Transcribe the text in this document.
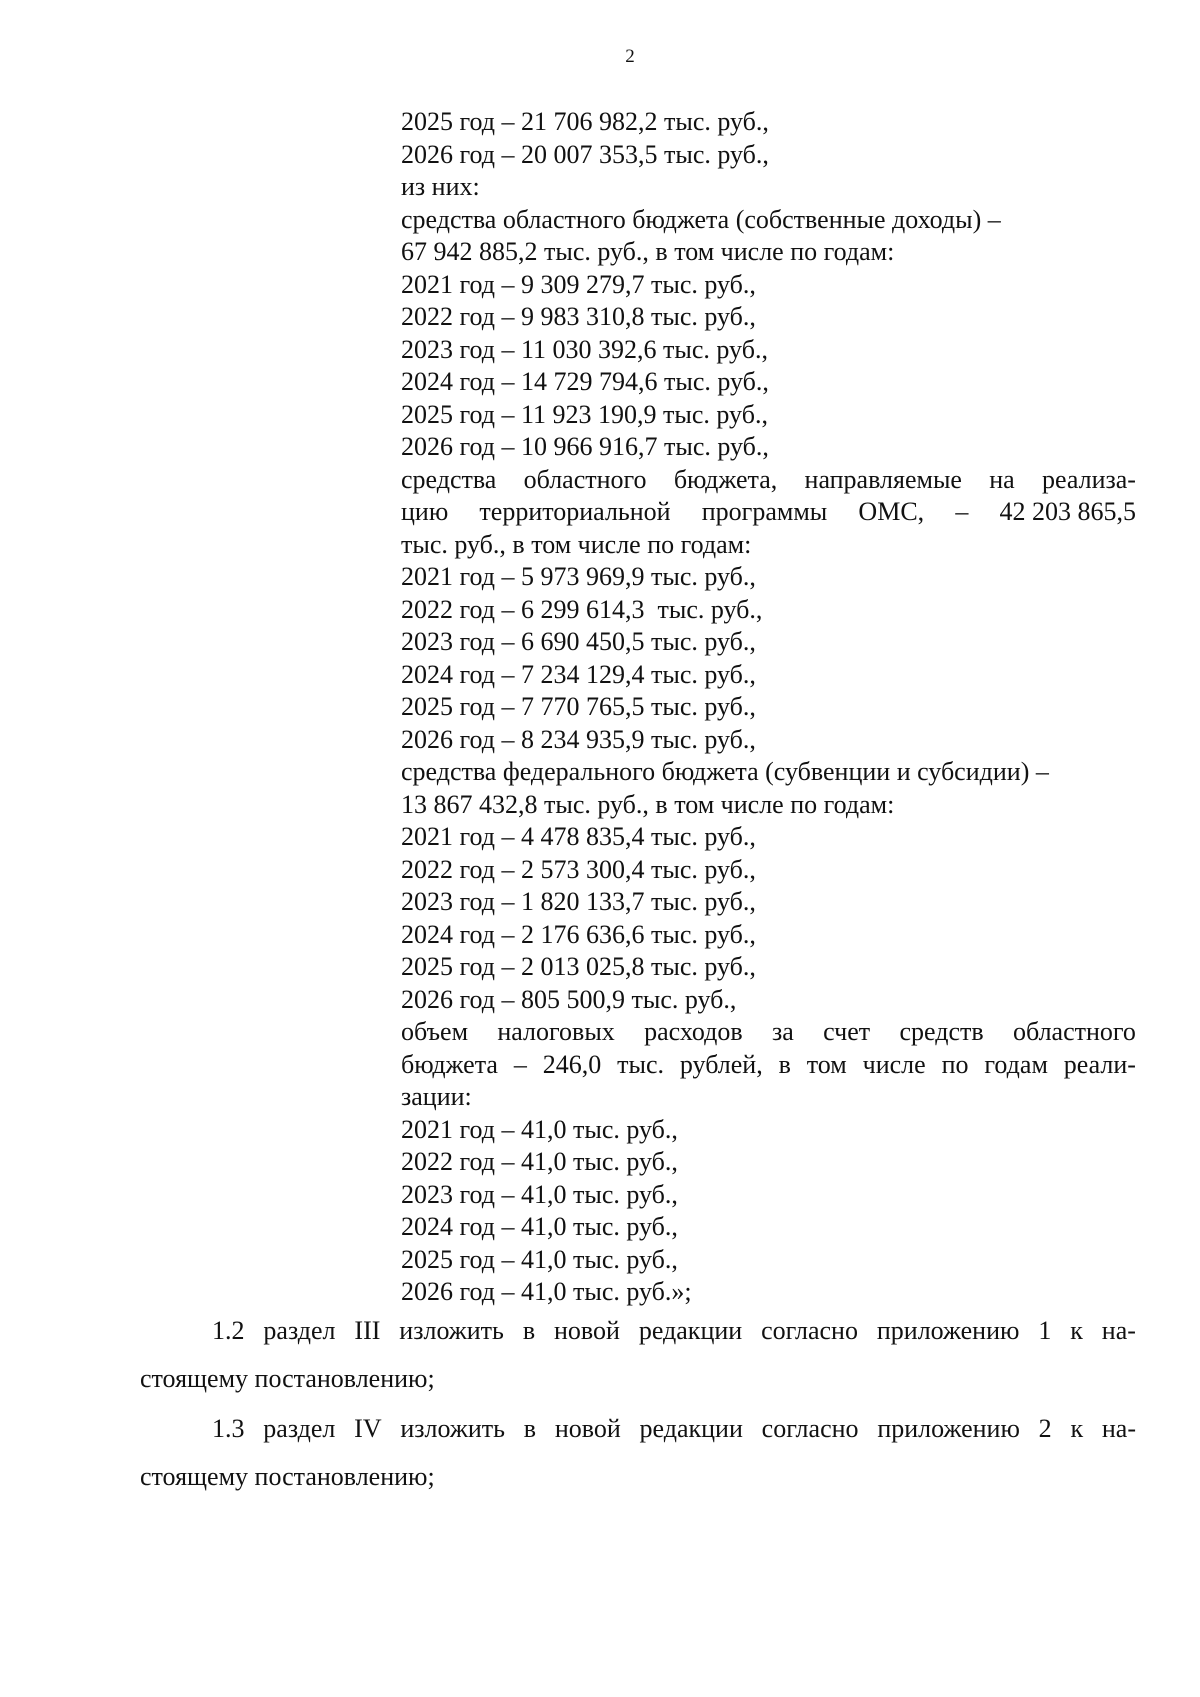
2
2025 год – 21 706 982,2 тыс. руб.,
2026 год – 20 007 353,5 тыс. руб.,
из них:
средства областного бюджета (собственные доходы) –
67 942 885,2 тыс. руб., в том числе по годам:
2021 год – 9 309 279,7 тыс. руб.,
2022 год – 9 983 310,8 тыс. руб.,
2023 год – 11 030 392,6 тыс. руб.,
2024 год – 14 729 794,6 тыс. руб.,
2025 год – 11 923 190,9 тыс. руб.,
2026 год – 10 966 916,7 тыс. руб.,
средства областного бюджета, направляемые на реализа-
цию территориальной программы ОМС, – 42 203 865,5
тыс. руб., в том числе по годам:
2021 год – 5 973 969,9 тыс. руб.,
2022 год – 6 299 614,3  тыс. руб.,
2023 год – 6 690 450,5 тыс. руб.,
2024 год – 7 234 129,4 тыс. руб.,
2025 год – 7 770 765,5 тыс. руб.,
2026 год – 8 234 935,9 тыс. руб.,
средства федерального бюджета (субвенции и субсидии) –
13 867 432,8 тыс. руб., в том числе по годам:
2021 год – 4 478 835,4 тыс. руб.,
2022 год – 2 573 300,4 тыс. руб.,
2023 год – 1 820 133,7 тыс. руб.,
2024 год – 2 176 636,6 тыс. руб.,
2025 год – 2 013 025,8 тыс. руб.,
2026 год – 805 500,9 тыс. руб.,
объем налоговых расходов за счет средств областного
бюджета – 246,0 тыс. рублей, в том числе по годам реали-
зации:
2021 год – 41,0 тыс. руб.,
2022 год – 41,0 тыс. руб.,
2023 год – 41,0 тыс. руб.,
2024 год – 41,0 тыс. руб.,
2025 год – 41,0 тыс. руб.,
2026 год – 41,0 тыс. руб.»;
1.2 раздел III изложить в новой редакции согласно приложению 1 к на-
стоящему постановлению;
1.3 раздел IV изложить в новой редакции согласно приложению 2 к на-
стоящему постановлению;
